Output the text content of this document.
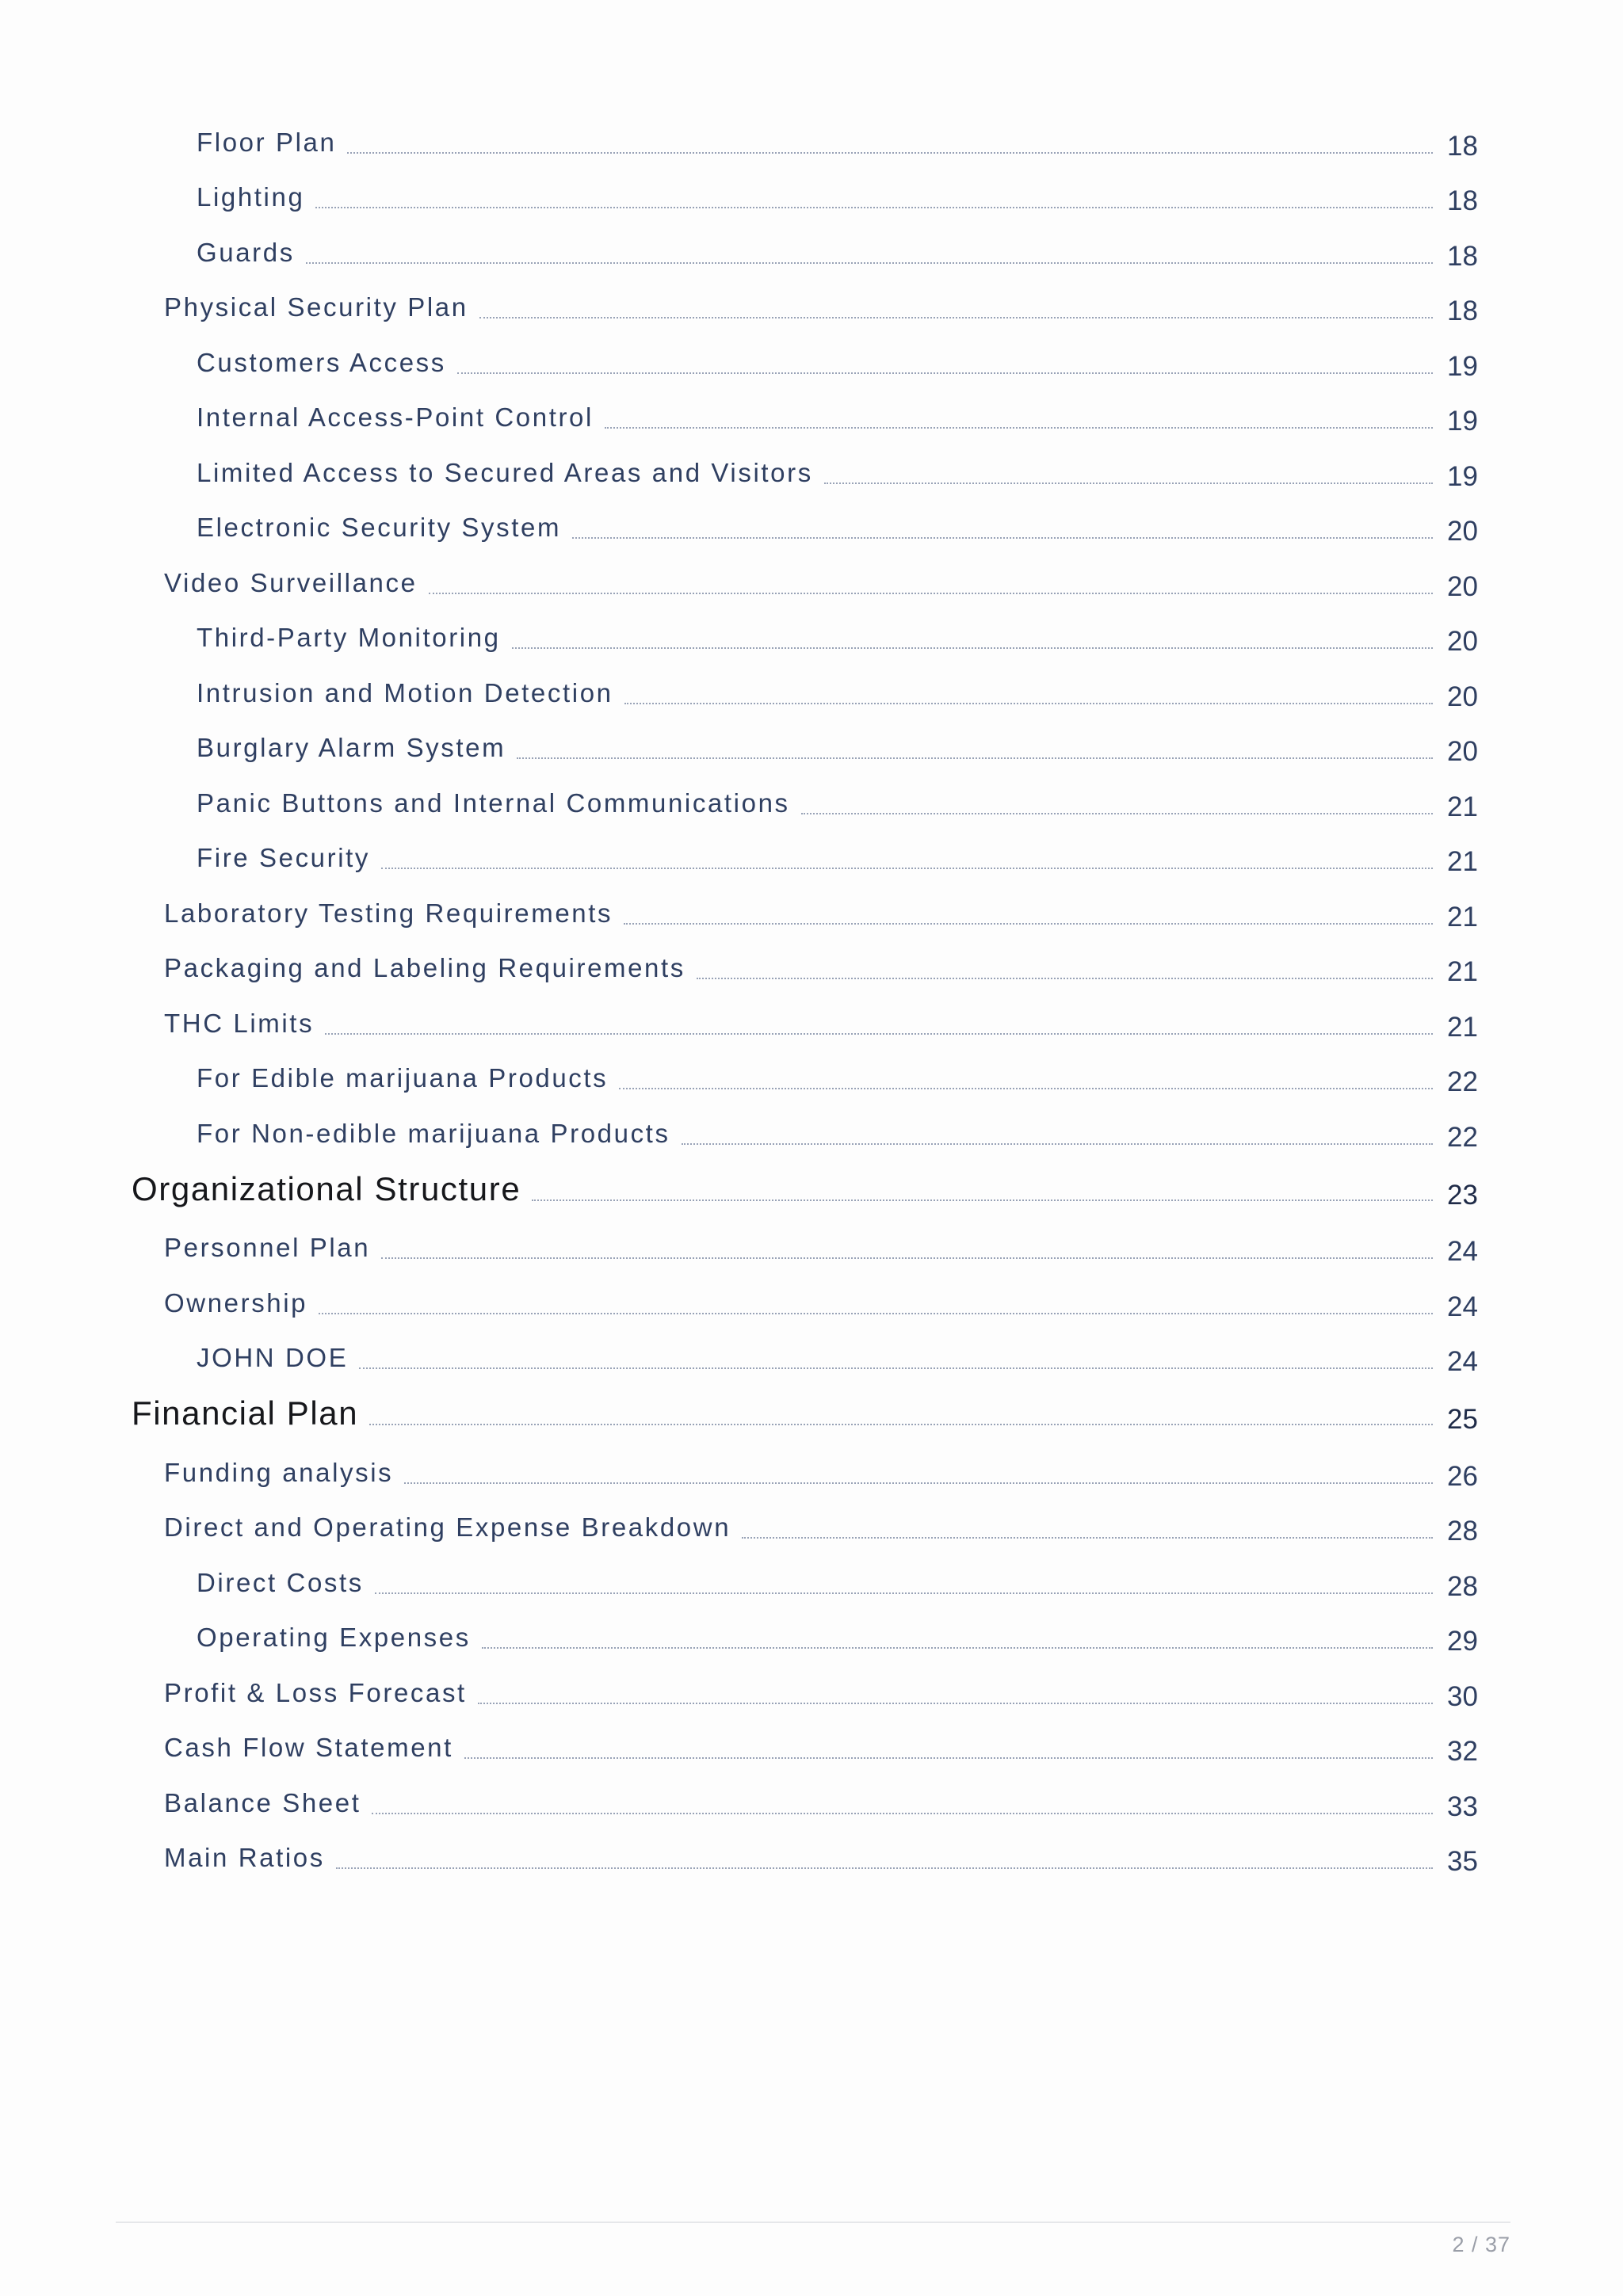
Floor Plan	18
Lighting	18
Guards	18
Physical Security Plan	18
Customers Access	19
Internal Access-Point Control	19
Limited Access to Secured Areas and Visitors	19
Electronic Security System	20
Video Surveillance	20
Third-Party Monitoring	20
Intrusion and Motion Detection	20
Burglary Alarm System	20
Panic Buttons and Internal Communications	21
Fire Security	21
Laboratory Testing Requirements	21
Packaging and Labeling Requirements	21
THC Limits	21
For Edible marijuana Products	22
For Non-edible marijuana Products	22
Organizational Structure	23
Personnel Plan	24
Ownership	24
JOHN DOE	24
Financial Plan	25
Funding analysis	26
Direct and Operating Expense Breakdown	28
Direct Costs	28
Operating Expenses	29
Profit & Loss Forecast	30
Cash Flow Statement	32
Balance Sheet	33
Main Ratios	35
2 / 37
